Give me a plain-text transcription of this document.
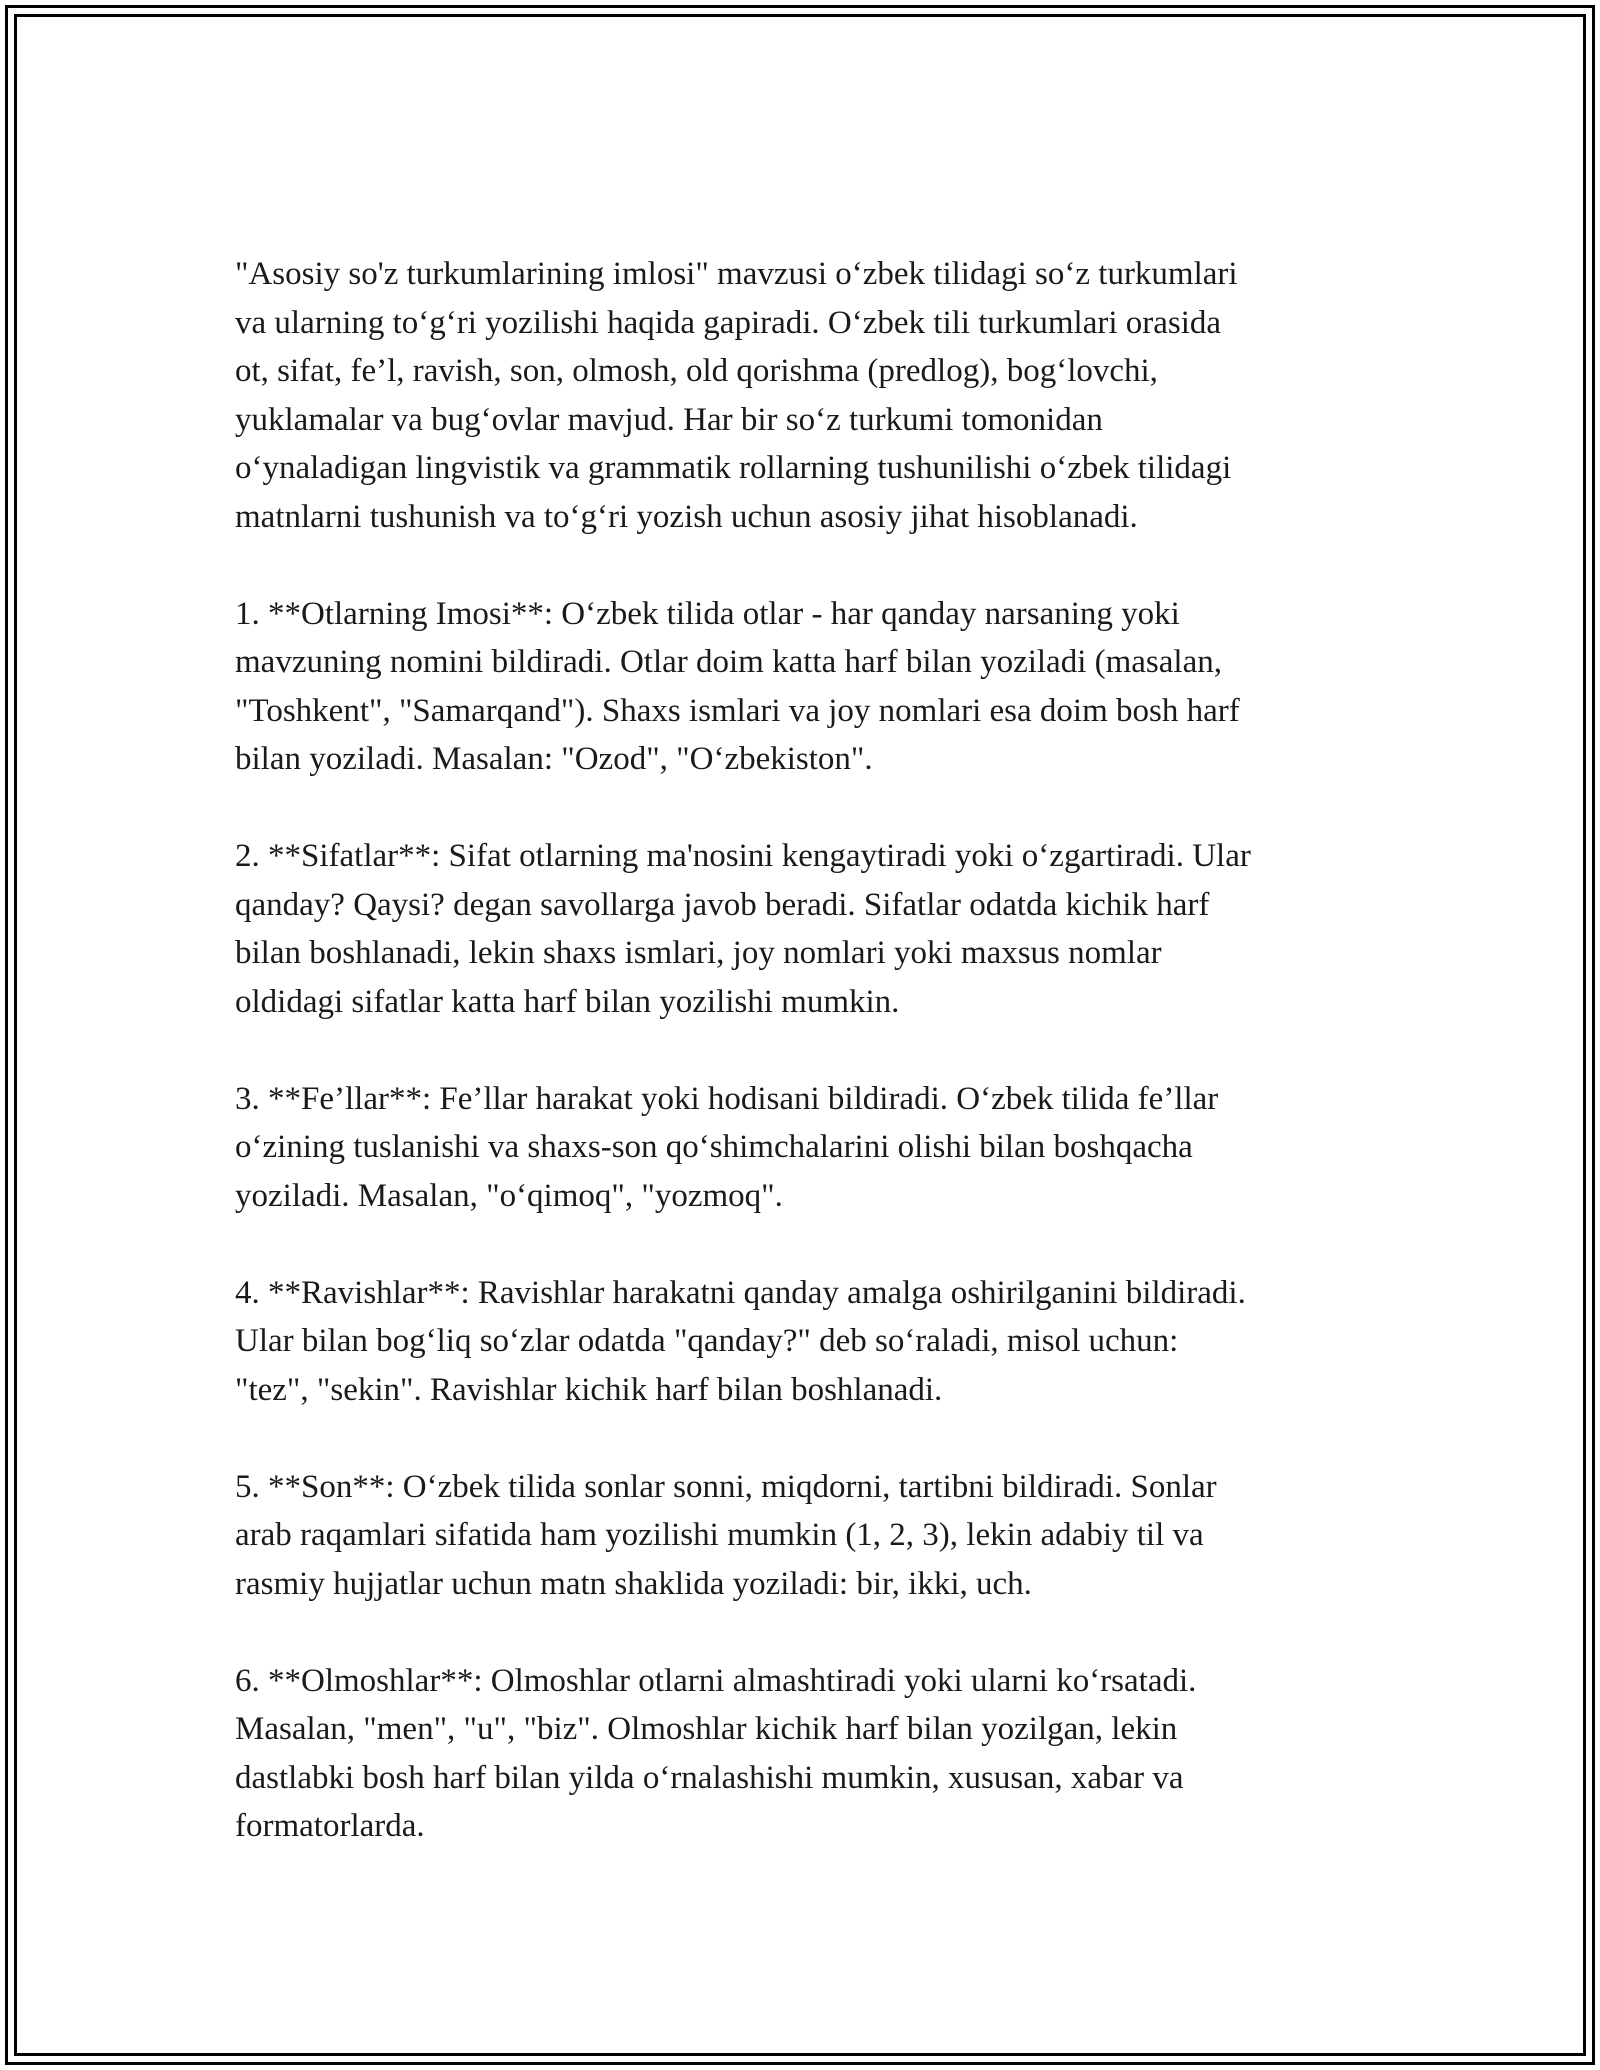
"Asosiy so'z turkumlarining imlosi" mavzusi o‘zbek tilidagi so‘z turkumlari
va ularning to‘g‘ri yozilishi haqida gapiradi. O‘zbek tili turkumlari orasida
ot, sifat, fe’l, ravish, son, olmosh, old qorishma (predlog), bog‘lovchi,
yuklamalar va bug‘ovlar mavjud. Har bir so‘z turkumi tomonidan
o‘ynaladigan lingvistik va grammatik rollarning tushunilishi o‘zbek tilidagi
matnlarni tushunish va to‘g‘ri yozish uchun asosiy jihat hisoblanadi.

1. **Otlarning Imosi**: O‘zbek tilida otlar - har qanday narsaning yoki
mavzuning nomini bildiradi. Otlar doim katta harf bilan yoziladi (masalan,
"Toshkent", "Samarqand"). Shaxs ismlari va joy nomlari esa doim bosh harf
bilan yoziladi. Masalan: "Ozod", "O‘zbekiston".

2. **Sifatlar**: Sifat otlarning ma'nosini kengaytiradi yoki o‘zgartiradi. Ular
qanday? Qaysi? degan savollarga javob beradi. Sifatlar odatda kichik harf
bilan boshlanadi, lekin shaxs ismlari, joy nomlari yoki maxsus nomlar
oldidagi sifatlar katta harf bilan yozilishi mumkin.

3. **Fe’llar**: Fe’llar harakat yoki hodisani bildiradi. O‘zbek tilida fe’llar
o‘zining tuslanishi va shaxs-son qo‘shimchalarini olishi bilan boshqacha
yoziladi. Masalan, "o‘qimoq", "yozmoq".

4. **Ravishlar**: Ravishlar harakatni qanday amalga oshirilganini bildiradi.
Ular bilan bog‘liq so‘zlar odatda "qanday?" deb so‘raladi, misol uchun:
"tez", "sekin". Ravishlar kichik harf bilan boshlanadi.

5. **Son**: O‘zbek tilida sonlar sonni, miqdorni, tartibni bildiradi. Sonlar
arab raqamlari sifatida ham yozilishi mumkin (1, 2, 3), lekin adabiy til va
rasmiy hujjatlar uchun matn shaklida yoziladi: bir, ikki, uch.

6. **Olmoshlar**: Olmoshlar otlarni almashtiradi yoki ularni ko‘rsatadi.
Masalan, "men", "u", "biz". Olmoshlar kichik harf bilan yozilgan, lekin
dastlabki bosh harf bilan yilda o‘rnalashishi mumkin, xususan, xabar va
formatorlarda.
